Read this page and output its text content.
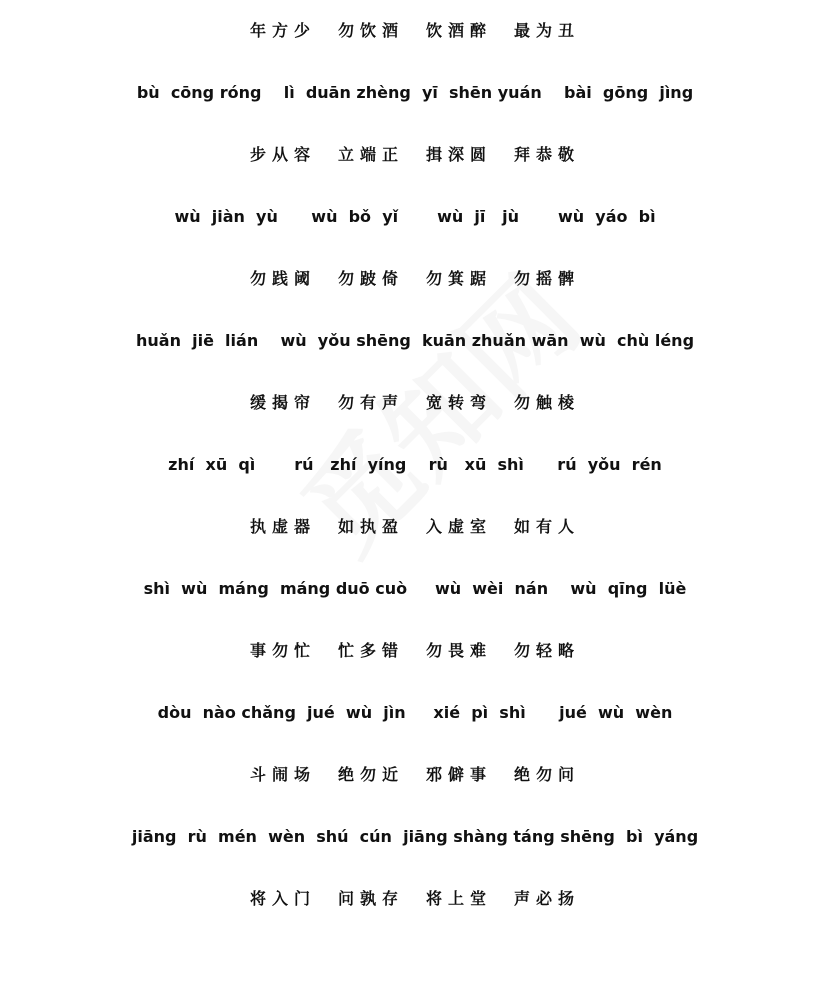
年方少　勿饮酒　饮酒醉　最为丑
bù  cōng róng    lì  duān zhèng  yī  shēn yuán    bài  gōng  jìng
步从容　立端正　揖深圆　拜恭敬
wù  jiàn  yù      wù  bǒ  yǐ       wù  jī   jù       wù  yáo  bì
勿践阈　勿跛倚　勿箕踞　勿摇髀
huǎn  jiē  lián    wù  yǒu shēng  kuān zhuǎn wān  wù  chù léng
缓揭帘　勿有声　宽转弯　勿触棱
zhí  xū  qì       rú   zhí  yíng    rù   xū  shì      rú  yǒu  rén
执虚器　如执盈　入虚室　如有人
shì  wù  máng  máng duō cuò     wù  wèi  nán    wù  qīng  lüè
事勿忙　忙多错　勿畏难　勿轻略
dòu  nào chǎng  jué  wù  jìn     xié  pì  shì      jué  wù  wèn
斗闹场　绝勿近　邪僻事　绝勿问
jiāng  rù  mén  wèn  shú  cún  jiāng shàng táng shēng  bì  yáng
将入门　问孰存　将上堂　声必扬
